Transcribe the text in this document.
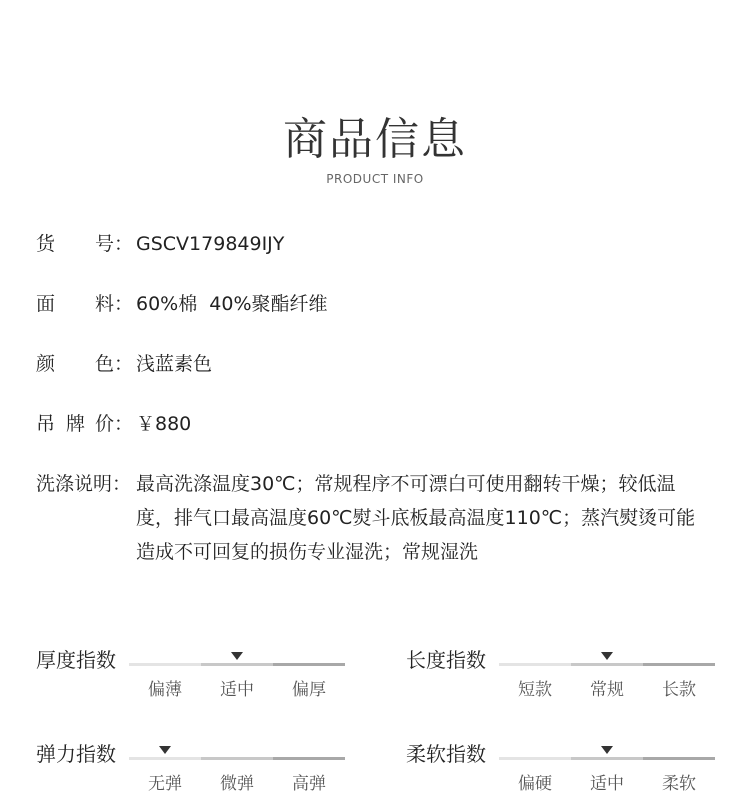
商品信息
PRODUCT INFO
货 号 ： GSCV179849IJY
面 料 ： 60%棉  40%聚酯纤维
颜 色 ： 浅蓝素色
吊 牌 价 ： ￥880
洗涤说明： 最高洗涤温度30℃；常规程序不可漂白可使用翻转干燥；较低温
度，排气口最高温度60℃熨斗底板最高温度110℃；蒸汽熨烫可能
造成不可回复的损伤专业湿洗；常规湿洗
厚度指数
偏薄	适中	偏厚
长度指数
短款	常规	长款
弹力指数
无弹	微弹	高弹
柔软指数
偏硬	适中	柔软
